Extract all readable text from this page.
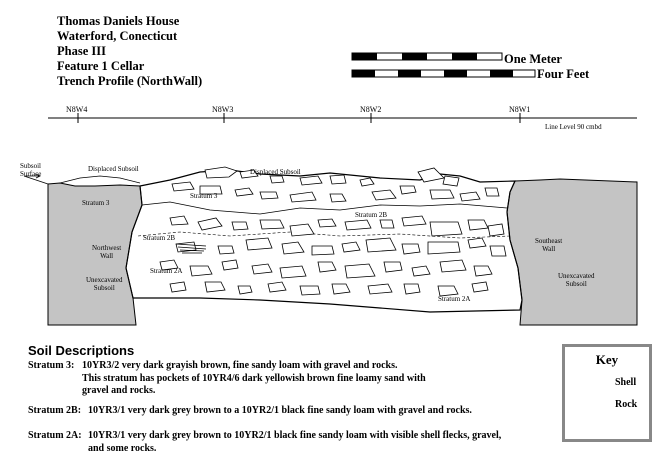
Thomas Daniels House
Waterford, Conecticut
Phase III
Feature 1 Cellar
Trench Profile (NorthWall)
One Meter
Four Feet
N8W4	N8W3	N8W2	N8W1
Line Level 90 cmbd
Subsoil
Surface
Displaced Subsoil	Displaced Subsoil
Stratum 3
Stratum 3
Stratum 2B
Stratum 2B
Stratum 2A
Stratum 2A
Northwest
Wall
Southeast
Wall
Unexcavated
Subsoil
Unexcavated
Subsoil
Soil Descriptions
Stratum 3: 10YR3/2 very dark grayish brown, fine sandy loam with gravel and rocks.
This stratum has pockets of 10YR4/6 dark yellowish brown fine loamy sand with
gravel and rocks.
Stratum 2B: 10YR3/1 very dark grey brown to a 10YR2/1 black fine sandy loam with gravel and rocks.
Stratum 2A: 10YR3/1 very dark grey brown to 10YR2/1 black fine sandy loam with visible shell flecks, gravel,
and some rocks.
Key
Shell
Rock
